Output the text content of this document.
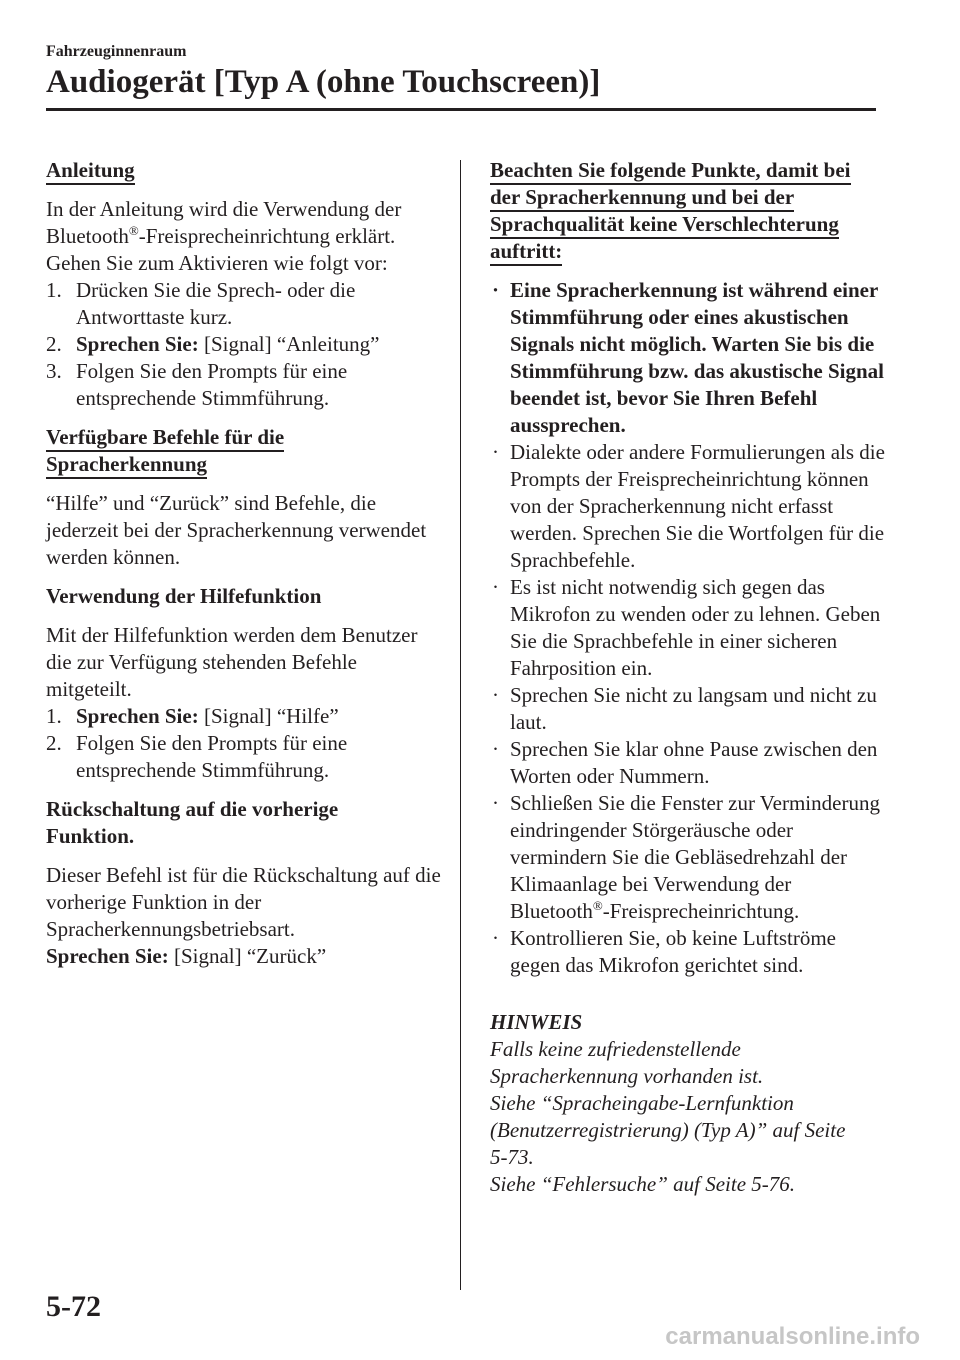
Fahrzeuginnenraum
Audiogerät [Typ A (ohne Touchscreen)]

Anleitung

In der Anleitung wird die Verwendung der Bluetooth®-Freisprecheinrichtung erklärt.

Gehen Sie zum Aktivieren wie folgt vor:

1. Drücken Sie die Sprech- oder die Antworttaste kurz.
2. Sprechen Sie: [Signal] “Anleitung”
3. Folgen Sie den Prompts für eine entsprechende Stimmführung.

Verfügbare Befehle für die
Spracherkennung

“Hilfe” und “Zurück” sind Befehle, die jederzeit bei der Spracherkennung verwendet werden können.

Verwendung der Hilfefunktion

Mit der Hilfefunktion werden dem Benutzer die zur Verfügung stehenden Befehle mitgeteilt.

1. Sprechen Sie: [Signal] “Hilfe”
2. Folgen Sie den Prompts für eine entsprechende Stimmführung.

Rückschaltung auf die vorherige
Funktion.

Dieser Befehl ist für die Rückschaltung auf die vorherige Funktion in der Spracherkennungsbetriebsart.

Sprechen Sie: [Signal] “Zurück”

Beachten Sie folgende Punkte, damit bei
der Spracherkennung und bei der
Sprachqualität keine Verschlechterung
auftritt:

· Eine Spracherkennung ist während einer Stimmführung oder eines akustischen Signals nicht möglich. Warten Sie bis die Stimmführung bzw. das akustische Signal beendet ist, bevor Sie Ihren Befehl aussprechen.
· Dialekte oder andere Formulierungen als die Prompts der Freisprecheinrichtung können von der Spracherkennung nicht erfasst werden. Sprechen Sie die Wortfolgen für die Sprachbefehle.
· Es ist nicht notwendig sich gegen das Mikrofon zu wenden oder zu lehnen. Geben Sie die Sprachbefehle in einer sicheren Fahrposition ein.
· Sprechen Sie nicht zu langsam und nicht zu laut.
· Sprechen Sie klar ohne Pause zwischen den Worten oder Nummern.
· Schließen Sie die Fenster zur Verminderung eindringender Störgeräusche oder vermindern Sie die Gebläsedrehzahl der Klimaanlage bei Verwendung der
Bluetooth®-Freisprecheinrichtung.
· Kontrollieren Sie, ob keine Luftströme gegen das Mikrofon gerichtet sind.

HINWEIS

Falls keine zufriedenstellende
Spracherkennung vorhanden ist.
Siehe “Spracheingabe-Lernfunktion
(Benutzerregistrierung) (Typ A)” auf Seite
5-73.
Siehe “Fehlersuche” auf Seite 5-76.

5-72
carmanualsonline.info
